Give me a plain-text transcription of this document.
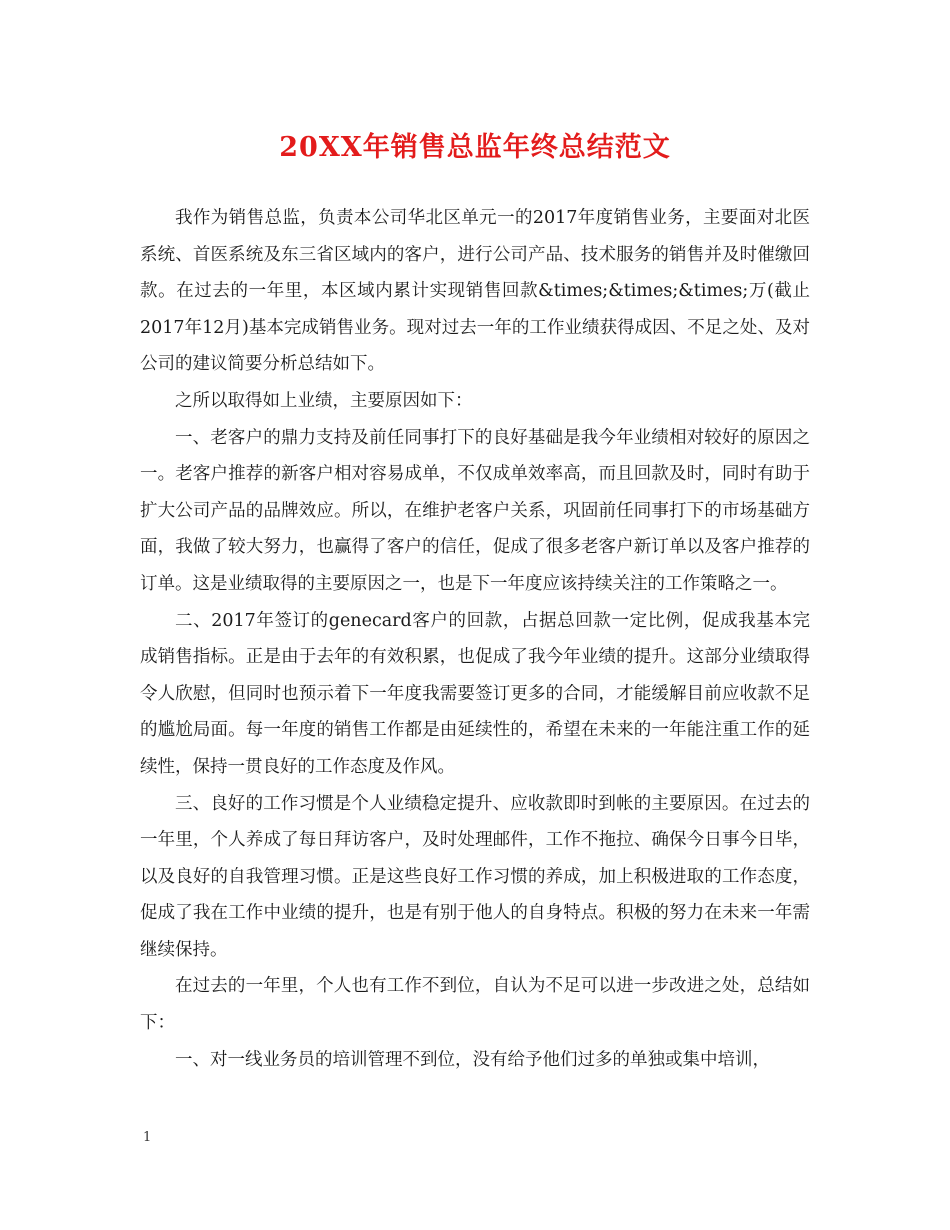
20XX年销售总监年终总结范文

我作为销售总监，负责本公司华北区单元一的2017年度销售业务，主要面对北医系统、首医系统及东三省区域内的客户，进行公司产品、技术服务的销售并及时催缴回款。在过去的一年里，本区域内累计实现销售回款&times;&times;&times;万(截止2017年12月)基本完成销售业务。现对过去一年的工作业绩获得成因、不足之处、及对公司的建议简要分析总结如下。

之所以取得如上业绩，主要原因如下：

一、老客户的鼎力支持及前任同事打下的良好基础是我今年业绩相对较好的原因之一。老客户推荐的新客户相对容易成单，不仅成单效率高，而且回款及时，同时有助于扩大公司产品的品牌效应。所以，在维护老客户关系，巩固前任同事打下的市场基础方面，我做了较大努力，也赢得了客户的信任，促成了很多老客户新订单以及客户推荐的订单。这是业绩取得的主要原因之一，也是下一年度应该持续关注的工作策略之一。

二、2017年签订的genecard客户的回款，占据总回款一定比例，促成我基本完成销售指标。正是由于去年的有效积累，也促成了我今年业绩的提升。这部分业绩取得令人欣慰，但同时也预示着下一年度我需要签订更多的合同，才能缓解目前应收款不足的尴尬局面。每一年度的销售工作都是由延续性的，希望在未来的一年能注重工作的延续性，保持一贯良好的工作态度及作风。

三、良好的工作习惯是个人业绩稳定提升、应收款即时到帐的主要原因。在过去的一年里，个人养成了每日拜访客户，及时处理邮件，工作不拖拉、确保今日事今日毕，以及良好的自我管理习惯。正是这些良好工作习惯的养成，加上积极进取的工作态度，促成了我在工作中业绩的提升，也是有别于他人的自身特点。积极的努力在未来一年需继续保持。

在过去的一年里，个人也有工作不到位，自认为不足可以进一步改进之处，总结如下：

一、对一线业务员的培训管理不到位，没有给予他们过多的单独或集中培训，

1
